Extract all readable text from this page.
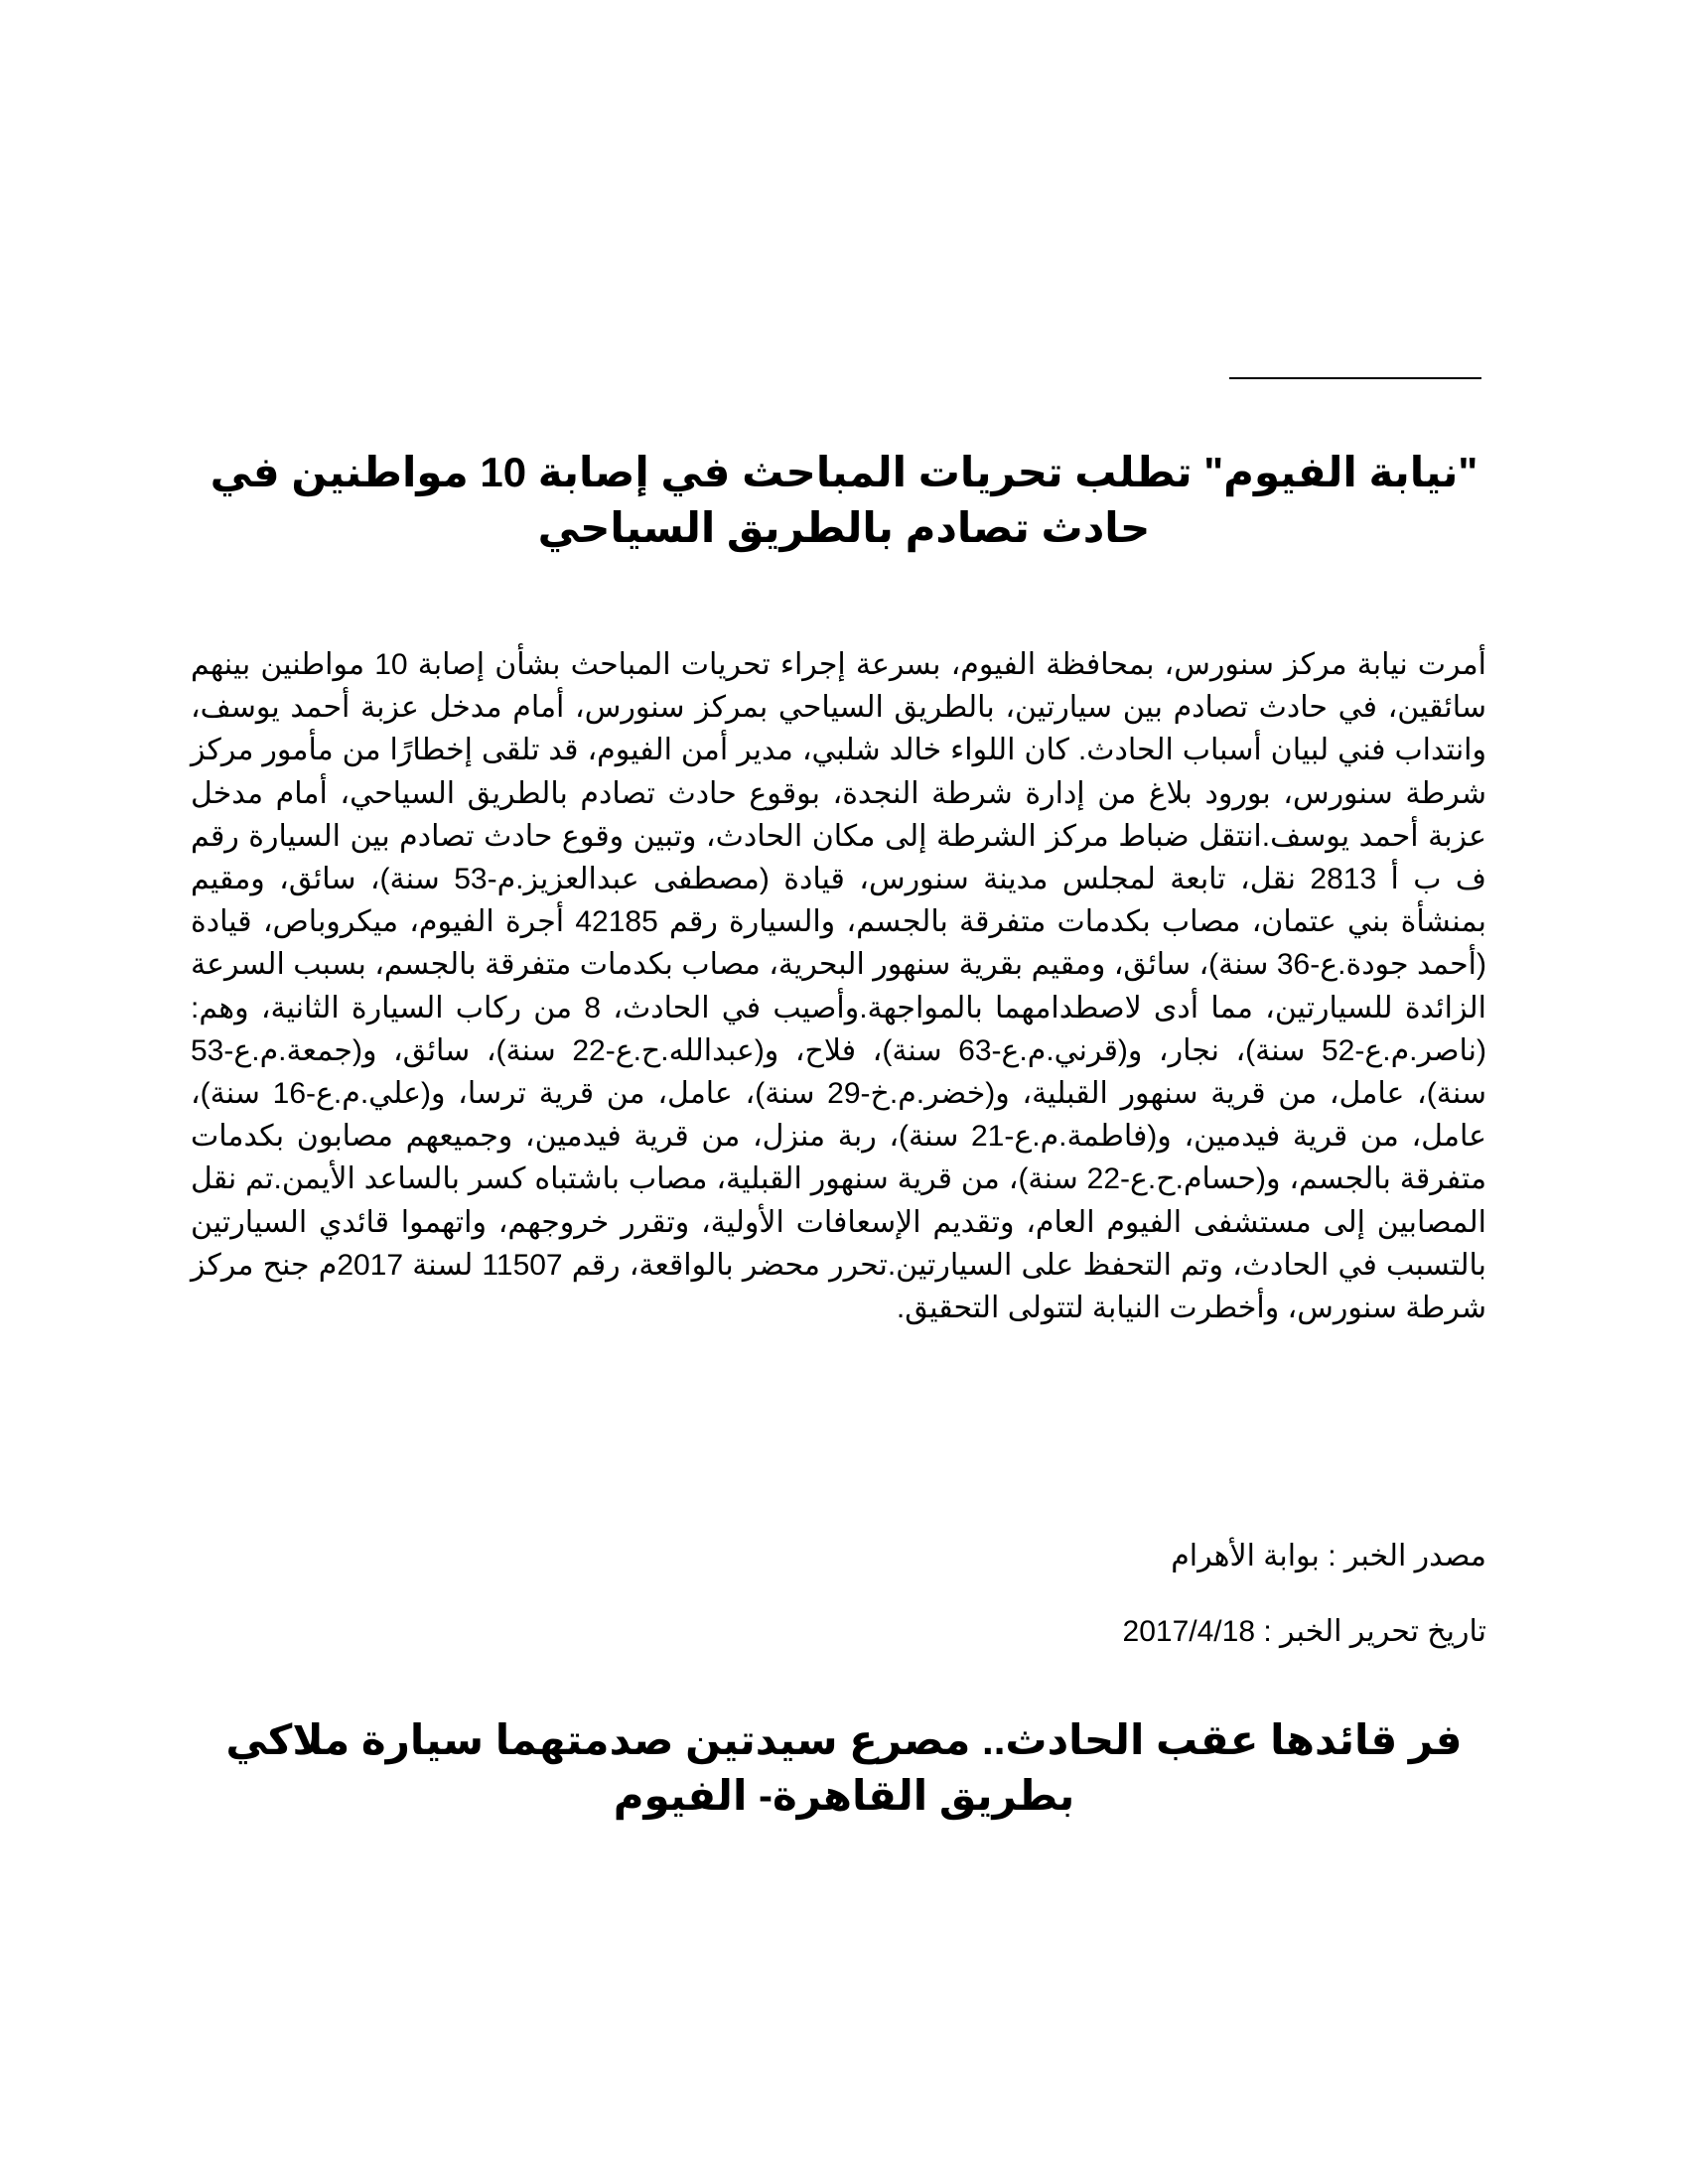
"نيابة الفيوم" تطلب تحريات المباحث في إصابة 10 مواطنين في حادث تصادم بالطريق السياحي

أمرت نيابة مركز سنورس، بمحافظة الفيوم، بسرعة إجراء تحريات المباحث بشأن إصابة 10 مواطنين بينهم سائقين، في حادث تصادم بين سيارتين، بالطريق السياحي بمركز سنورس، أمام مدخل عزبة أحمد يوسف، وانتداب فني لبيان أسباب الحادث. كان اللواء خالد شلبي، مدير أمن الفيوم، قد تلقى إخطارًا من مأمور مركز شرطة سنورس، بورود بلاغ من إدارة شرطة النجدة، بوقوع حادث تصادم بالطريق السياحي، أمام مدخل عزبة أحمد يوسف.انتقل ضباط مركز الشرطة إلى مكان الحادث، وتبين وقوع حادث تصادم بين السيارة رقم ف ب أ 2813 نقل، تابعة لمجلس مدينة سنورس، قيادة (مصطفى عبدالعزيز.م-53 سنة)، سائق، ومقيم بمنشأة بني عتمان، مصاب بكدمات متفرقة بالجسم، والسيارة رقم 42185 أجرة الفيوم، ميكروباص، قيادة (أحمد جودة.ع-36 سنة)، سائق، ومقيم بقرية سنهور البحرية، مصاب بكدمات متفرقة بالجسم، بسبب السرعة الزائدة للسيارتين، مما أدى لاصطدامهما بالمواجهة.وأصيب في الحادث، 8 من ركاب السيارة الثانية، وهم: (ناصر.م.ع-52 سنة)، نجار، و(قرني.م.ع-63 سنة)، فلاح، و(عبدالله.ح.ع-22 سنة)، سائق، و(جمعة.م.ع-53 سنة)، عامل، من قرية سنهور القبلية، و(خضر.م.خ-29 سنة)، عامل، من قرية ترسا، و(علي.م.ع-16 سنة)، عامل، من قرية فيدمين، و(فاطمة.م.ع-21 سنة)، ربة منزل، من قرية فيدمين، وجميعهم مصابون بكدمات متفرقة بالجسم، و(حسام.ح.ع-22 سنة)، من قرية سنهور القبلية، مصاب باشتباه كسر بالساعد الأيمن.تم نقل المصابين إلى مستشفى الفيوم العام، وتقديم الإسعافات الأولية، وتقرر خروجهم، واتهموا قائدي السيارتين بالتسبب في الحادث، وتم التحفظ على السيارتين.تحرر محضر بالواقعة، رقم 11507 لسنة 2017م جنح مركز شرطة سنورس، وأخطرت النيابة لتتولى التحقيق.

مصدر الخبر : بوابة الأهرام

تاريخ تحرير الخبر : 2017/4/18

فر قائدها عقب الحادث.. مصرع سيدتين صدمتهما سيارة ملاكي بطريق القاهرة- الفيوم
